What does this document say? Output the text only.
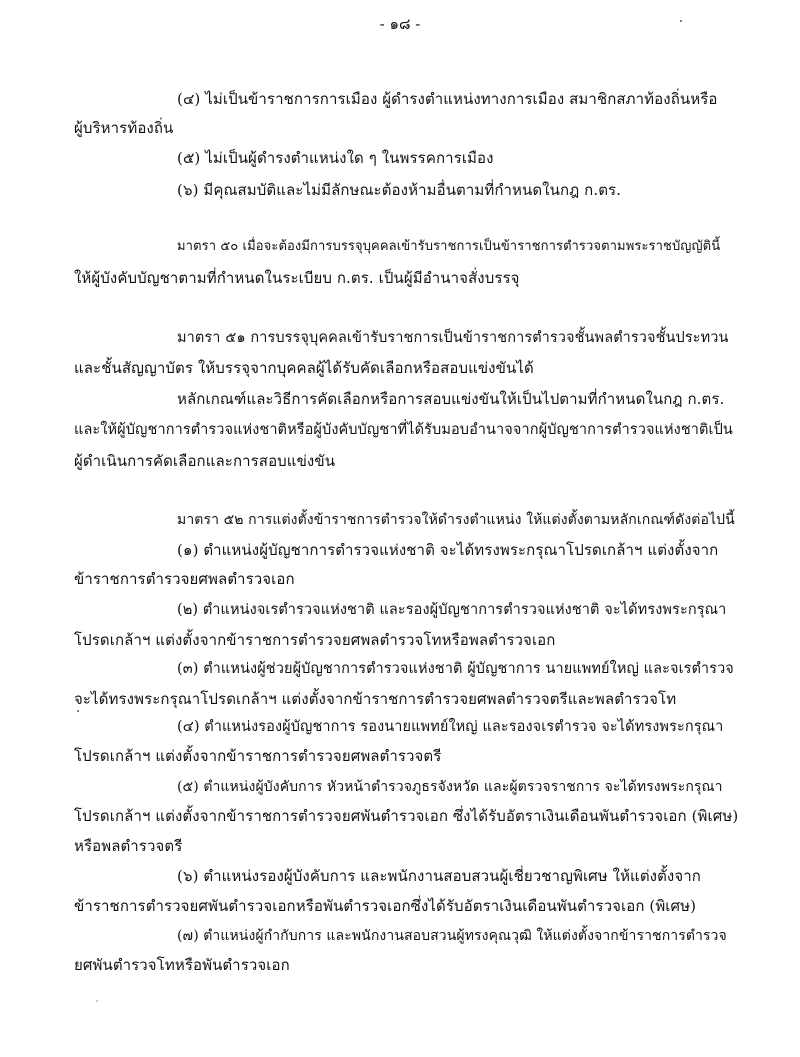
- ๑๘ -
(๔) ไม่เป็นข้าราชการการเมือง ผู้ดำรงตำแหน่งทางการเมือง สมาชิกสภาท้องถิ่นหรือ
ผู้บริหารท้องถิ่น
(๕) ไม่เป็นผู้ดำรงตำแหน่งใด ๆ ในพรรคการเมือง
(๖) มีคุณสมบัติและไม่มีลักษณะต้องห้ามอื่นตามที่กำหนดในกฎ ก.ตร.
มาตรา ๕๐ เมื่อจะต้องมีการบรรจุบุคคลเข้ารับราชการเป็นข้าราชการตำรวจตามพระราชบัญญัตินี้
ให้ผู้บังคับบัญชาตามที่กำหนดในระเบียบ ก.ตร. เป็นผู้มีอำนาจสั่งบรรจุ
มาตรา ๕๑ การบรรจุบุคคลเข้ารับราชการเป็นข้าราชการตำรวจชั้นพลตำรวจชั้นประทวน
และชั้นสัญญาบัตร ให้บรรจุจากบุคคลผู้ได้รับคัดเลือกหรือสอบแข่งขันได้
หลักเกณฑ์และวิธีการคัดเลือกหรือการสอบแข่งขันให้เป็นไปตามที่กำหนดในกฎ ก.ตร.
และให้ผู้บัญชาการตำรวจแห่งชาติหรือผู้บังคับบัญชาที่ได้รับมอบอำนาจจากผู้บัญชาการตำรวจแห่งชาติเป็น
ผู้ดำเนินการคัดเลือกและการสอบแข่งขัน
มาตรา ๕๒ การแต่งตั้งข้าราชการตำรวจให้ดำรงตำแหน่ง ให้แต่งตั้งตามหลักเกณฑ์ดังต่อไปนี้
(๑) ตำแหน่งผู้บัญชาการตำรวจแห่งชาติ จะได้ทรงพระกรุณาโปรดเกล้าฯ แต่งตั้งจาก
ข้าราชการตำรวจยศพลตำรวจเอก
(๒) ตำแหน่งจเรตำรวจแห่งชาติ และรองผู้บัญชาการตำรวจแห่งชาติ จะได้ทรงพระกรุณา
โปรดเกล้าฯ แต่งตั้งจากข้าราชการตำรวจยศพลตำรวจโทหรือพลตำรวจเอก
(๓) ตำแหน่งผู้ช่วยผู้บัญชาการตำรวจแห่งชาติ ผู้บัญชาการ นายแพทย์ใหญ่ และจเรตำรวจ
จะได้ทรงพระกรุณาโปรดเกล้าฯ แต่งตั้งจากข้าราชการตำรวจยศพลตำรวจตรีและพลตำรวจโท
(๔) ตำแหน่งรองผู้บัญชาการ รองนายแพทย์ใหญ่ และรองจเรตำรวจ จะได้ทรงพระกรุณา
โปรดเกล้าฯ แต่งตั้งจากข้าราชการตำรวจยศพลตำรวจตรี
(๕) ตำแหน่งผู้บังคับการ หัวหน้าตำรวจภูธรจังหวัด และผู้ตรวจราชการ จะได้ทรงพระกรุณา
โปรดเกล้าฯ แต่งตั้งจากข้าราชการตำรวจยศพันตำรวจเอก ซึ่งได้รับอัตราเงินเดือนพันตำรวจเอก (พิเศษ)
หรือพลตำรวจตรี
(๖) ตำแหน่งรองผู้บังคับการ และพนักงานสอบสวนผู้เชี่ยวชาญพิเศษ ให้แต่งตั้งจาก
ข้าราชการตำรวจยศพันตำรวจเอกหรือพันตำรวจเอกซึ่งได้รับอัตราเงินเดือนพันตำรวจเอก (พิเศษ)
(๗) ตำแหน่งผู้กำกับการ และพนักงานสอบสวนผู้ทรงคุณวุฒิ ให้แต่งตั้งจากข้าราชการตำรวจ
ยศพันตำรวจโทหรือพันตำรวจเอก
